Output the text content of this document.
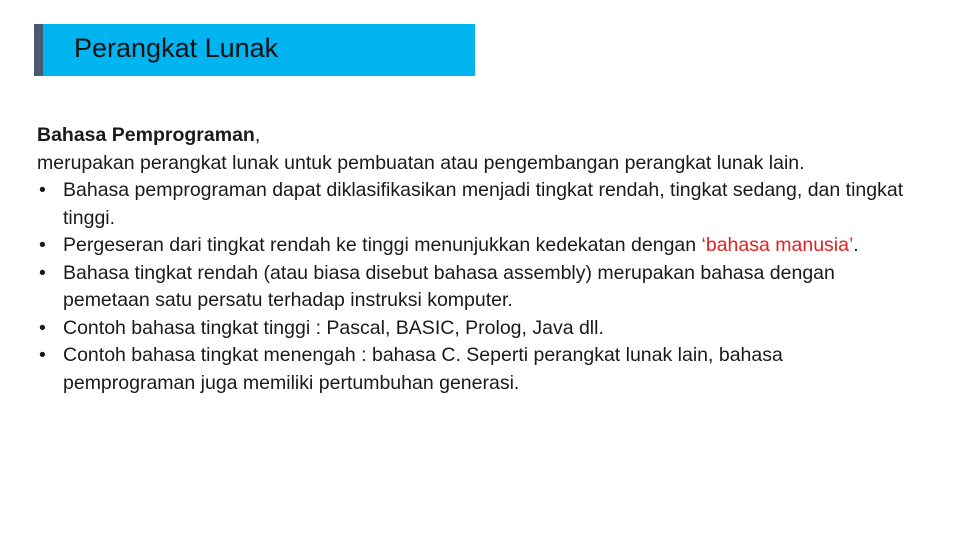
Perangkat Lunak

Bahasa Pemprograman,

merupakan perangkat lunak untuk pembuatan atau pengembangan perangkat lunak lain.

• Bahasa pemprograman dapat diklasifikasikan menjadi tingkat rendah, tingkat sedang, dan tingkat tinggi.
• Pergeseran dari tingkat rendah ke tinggi menunjukkan kedekatan dengan ‘bahasa manusia’.
• Bahasa tingkat rendah (atau biasa disebut bahasa assembly) merupakan bahasa dengan pemetaan satu persatu terhadap instruksi komputer.
• Contoh bahasa tingkat tinggi : Pascal, BASIC, Prolog, Java dll.
• Contoh bahasa tingkat menengah : bahasa C. Seperti perangkat lunak lain, bahasa pemprograman juga memiliki pertumbuhan generasi.
